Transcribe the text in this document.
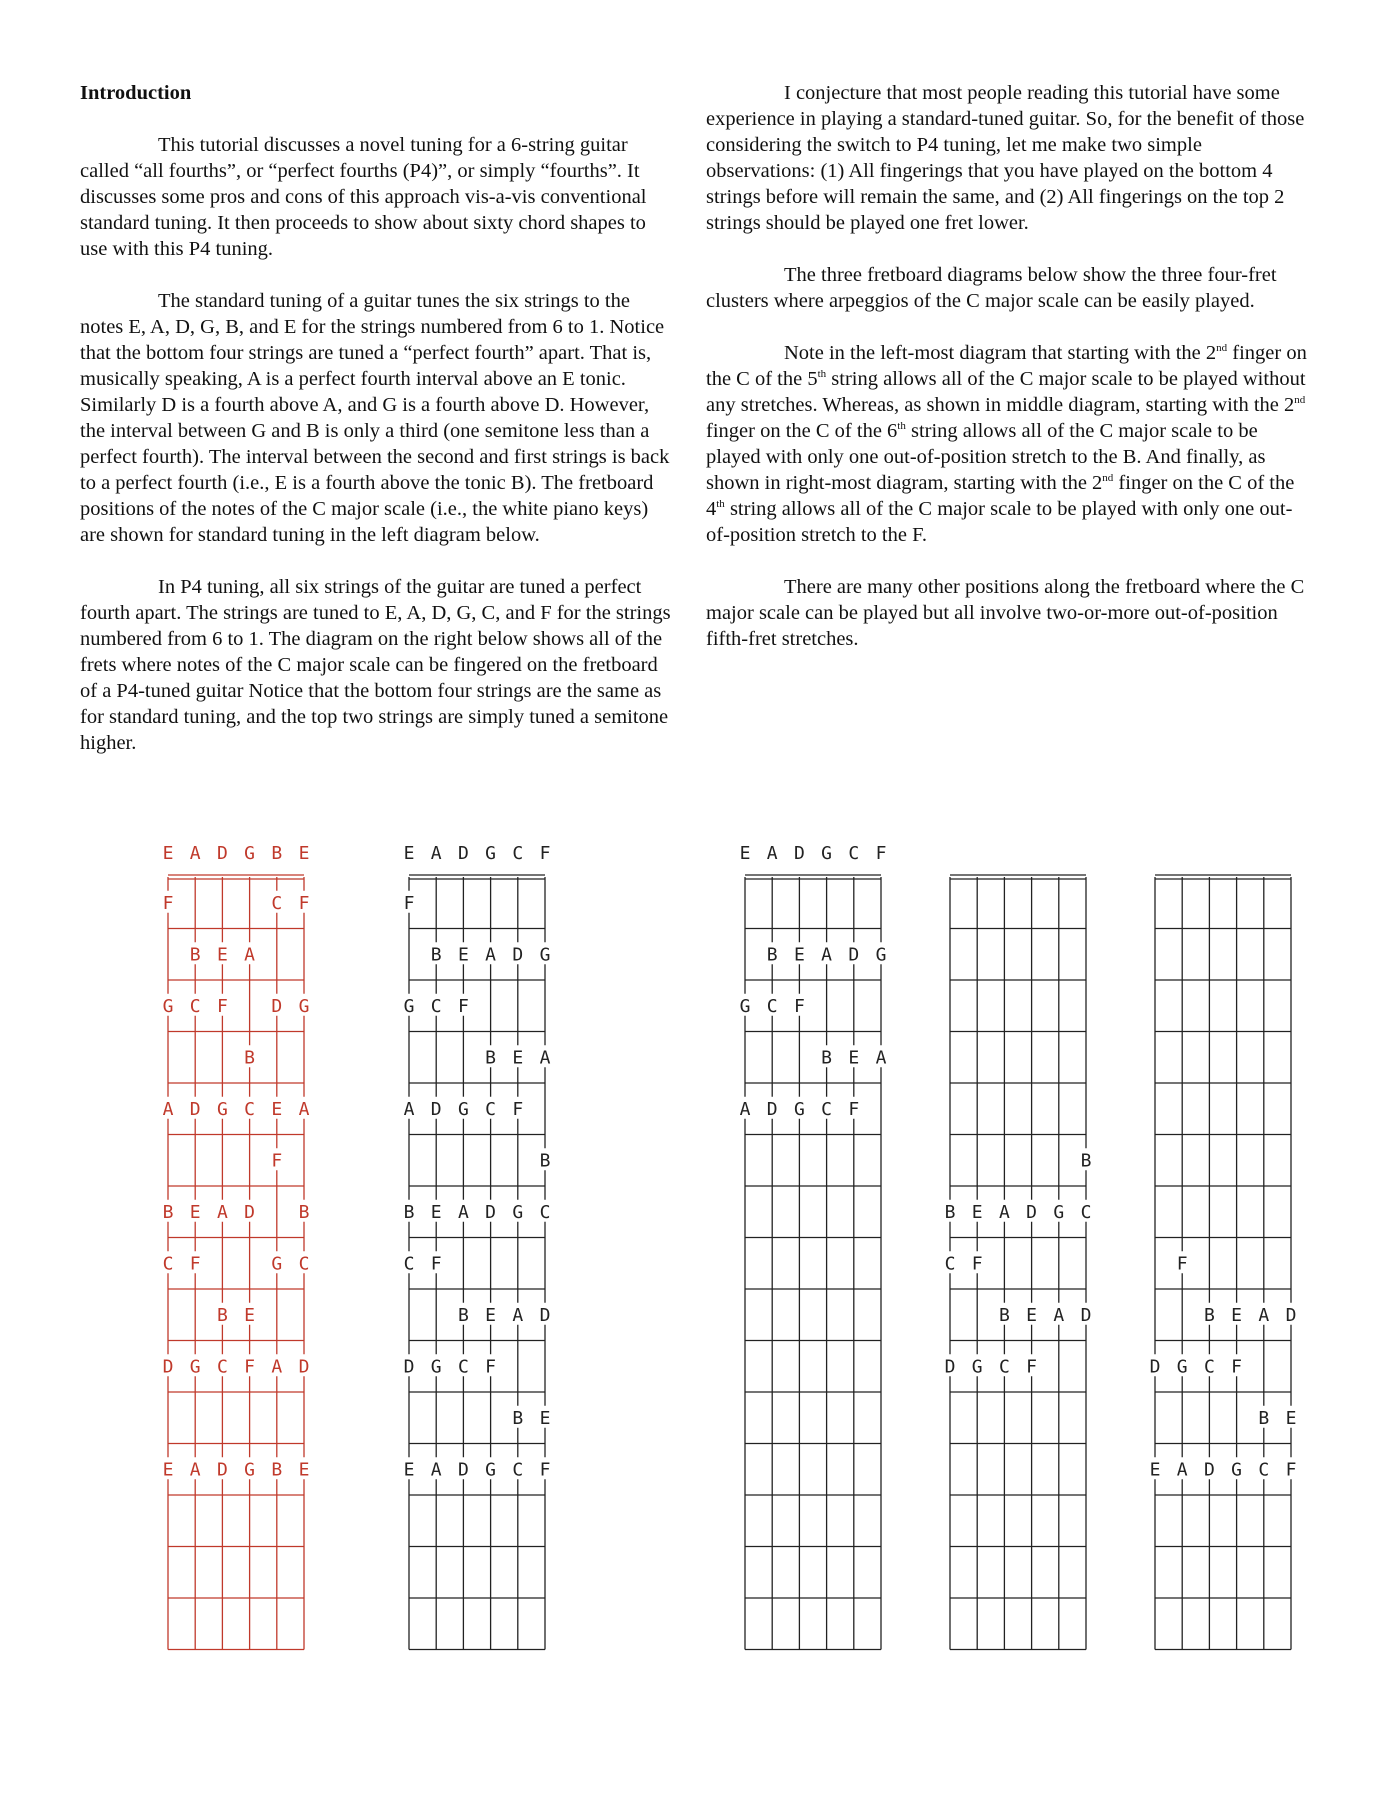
Introduction

This tutorial discusses a novel tuning for a 6-string guitar called “all fourths”, or “perfect fourths (P4)”, or simply “fourths”. It discusses some pros and cons of this approach vis-a-vis conventional standard tuning. It then proceeds to show about sixty chord shapes to use with this P4 tuning.

The standard tuning of a guitar tunes the six strings to the notes E, A, D, G, B, and E for the strings numbered from 6 to 1. Notice that the bottom four strings are tuned a “perfect fourth” apart. That is, musically speaking, A is a perfect fourth interval above an E tonic. Similarly D is a fourth above A, and G is a fourth above D. However, the interval between G and B is only a third (one semitone less than a perfect fourth). The interval between the second and first strings is back to a perfect fourth (i.e., E is a fourth above the tonic B). The fretboard positions of the notes of the C major scale (i.e., the white piano keys) are shown for standard tuning in the left diagram below.

In P4 tuning, all six strings of the guitar are tuned a perfect fourth apart. The strings are tuned to E, A, D, G, C, and F for the strings numbered from 6 to 1. The diagram on the right below shows all of the frets where notes of the C major scale can be fingered on the fretboard of a P4-tuned guitar Notice that the bottom four strings are the same as for standard tuning, and the top two strings are simply tuned a semitone higher.

I conjecture that most people reading this tutorial have some experience in playing a standard-tuned guitar. So, for the benefit of those considering the switch to P4 tuning, let me make two simple observations: (1) All fingerings that you have played on the bottom 4 strings before will remain the same, and (2) All fingerings on the top 2 strings should be played one fret lower.

The three fretboard diagrams below show the three four-fret clusters where arpeggios of the C major scale can be easily played.

Note in the left-most diagram that starting with the 2nd finger on the C of the 5th string allows all of the C major scale to be played without any stretches. Whereas, as shown in middle diagram, starting with the 2nd finger on the C of the 6th string allows all of the C major scale to be played with only one out-of-position stretch to the B. And finally, as shown in right-most diagram, starting with the 2nd finger on the C of the 4th string allows all of the C major scale to be played with only one out-of-position stretch to the F.

There are many other positions along the fretboard where the C major scale can be played but all involve two-or-more out-of-position fifth-fret stretches.

E A D G B E
F	C F
B E A
G C F D G
B
A D G C E A
F
B E A D B
C F	G C
B E
D G C F A D
E A D G B E
E A D G C F
F
B E A D G
G C F
B E A
A D G C F
B
B E A D G C
C F
B E A D
D G C F
B E
E A D G C F
E A D G C F
B E A D G
G C F
B E A
A D G C F
B
B E A D G C
C F
B E A D
D G C F
F
B E A D
D G C F
B E
E A D G C F
